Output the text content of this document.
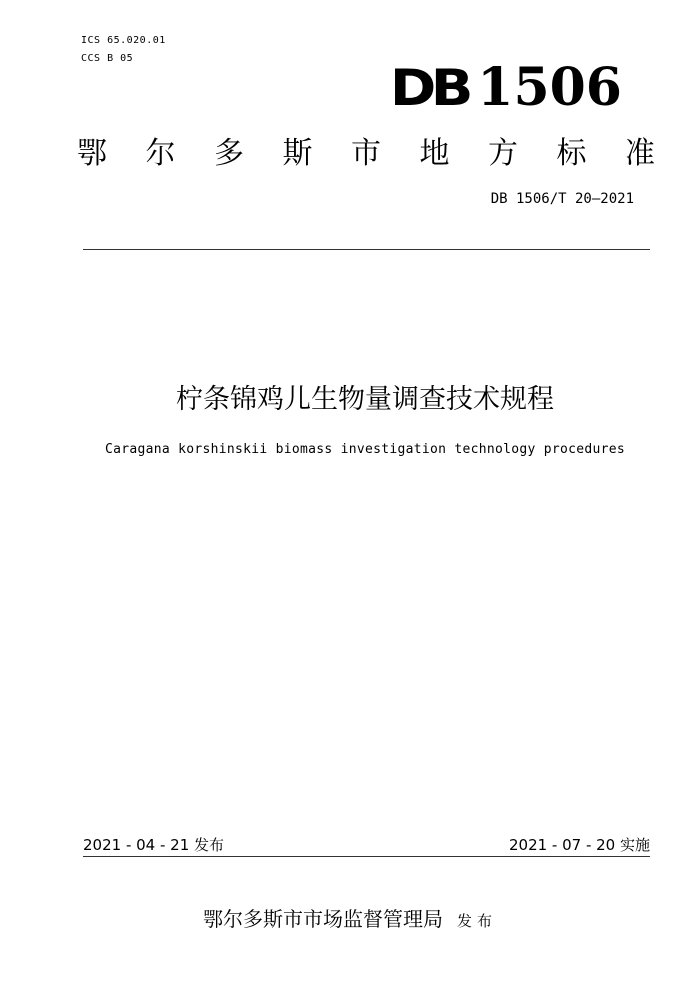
ICS 65.020.01
CCS B 05
DB 1506
鄂 尔 多 斯 市 地 方 标 准
DB 1506/T 20—2021
柠条锦鸡儿生物量调查技术规程
Caragana korshinskii biomass investigation technology procedures
2021 - 04 - 21 发布	2021 - 07 - 20 实施
鄂尔多斯市市场监督管理局 发布
